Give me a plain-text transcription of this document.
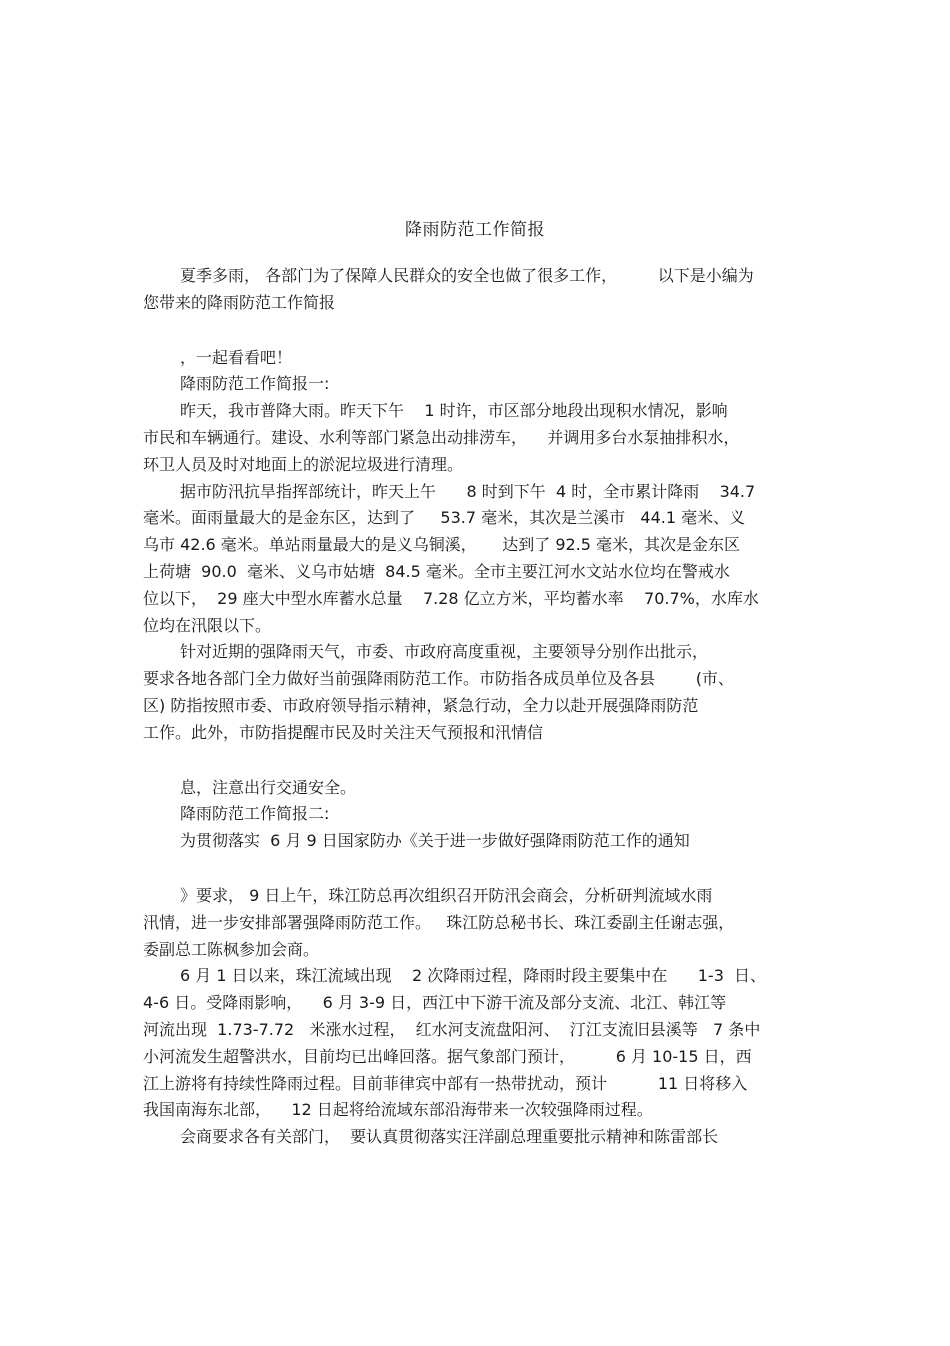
降雨防范工作简报
夏季多雨， 各部门为了保障人民群众的安全也做了很多工作，        以下是小编为
您带来的降雨防范工作简报
，一起看看吧！
降雨防范工作简报一:
昨天，我市普降大雨。昨天下午    1 时许，市区部分地段出现积水情况，影响
市民和车辆通行。建设、水利等部门紧急出动排涝车，    并调用多台水泵抽排积水，
环卫人员及时对地面上的淤泥垃圾进行清理。
据市防汛抗旱指挥部统计，昨天上午      8 时到下午  4 时，全市累计降雨    34.7
毫米。面雨量最大的是金东区，达到了     53.7 毫米，其次是兰溪市   44.1 毫米、义
乌市 42.6 毫米。单站雨量最大的是义乌铜溪，     达到了 92.5 毫米，其次是金东区
上荷塘  90.0  毫米、义乌市姑塘  84.5 毫米。全市主要江河水文站水位均在警戒水
位以下，  29 座大中型水库蓄水总量    7.28 亿立方米，平均蓄水率    70.7%，水库水
位均在汛限以下。
针对近期的强降雨天气，市委、市政府高度重视，主要领导分别作出批示，
要求各地各部门全力做好当前强降雨防范工作。市防指各成员单位及各县        (市、
区) 防指按照市委、市政府领导指示精神，紧急行动，全力以赴开展强降雨防范
工作。此外，市防指提醒市民及时关注天气预报和汛情信
息，注意出行交通安全。
降雨防范工作简报二:
为贯彻落实  6 月 9 日国家防办《关于进一步做好强降雨防范工作的通知
》要求， 9 日上午，珠江防总再次组织召开防汛会商会，分析研判流域水雨
汛情，进一步安排部署强降雨防范工作。   珠江防总秘书长、珠江委副主任谢志强，
委副总工陈枫参加会商。
6 月 1 日以来，珠江流域出现    2 次降雨过程，降雨时段主要集中在      1-3  日、
4-6 日。受降雨影响，    6 月 3-9 日，西江中下游干流及部分支流、北江、韩江等
河流出现  1.73-7.72   米涨水过程，  红水河支流盘阳河、  汀江支流旧县溪等   7 条中
小河流发生超警洪水，目前均已出峰回落。据气象部门预计，        6 月 10-15 日，西
江上游将有持续性降雨过程。目前菲律宾中部有一热带扰动，预计          11 日将移入
我国南海东北部，    12 日起将给流域东部沿海带来一次较强降雨过程。
会商要求各有关部门，  要认真贯彻落实汪洋副总理重要批示精神和陈雷部长
